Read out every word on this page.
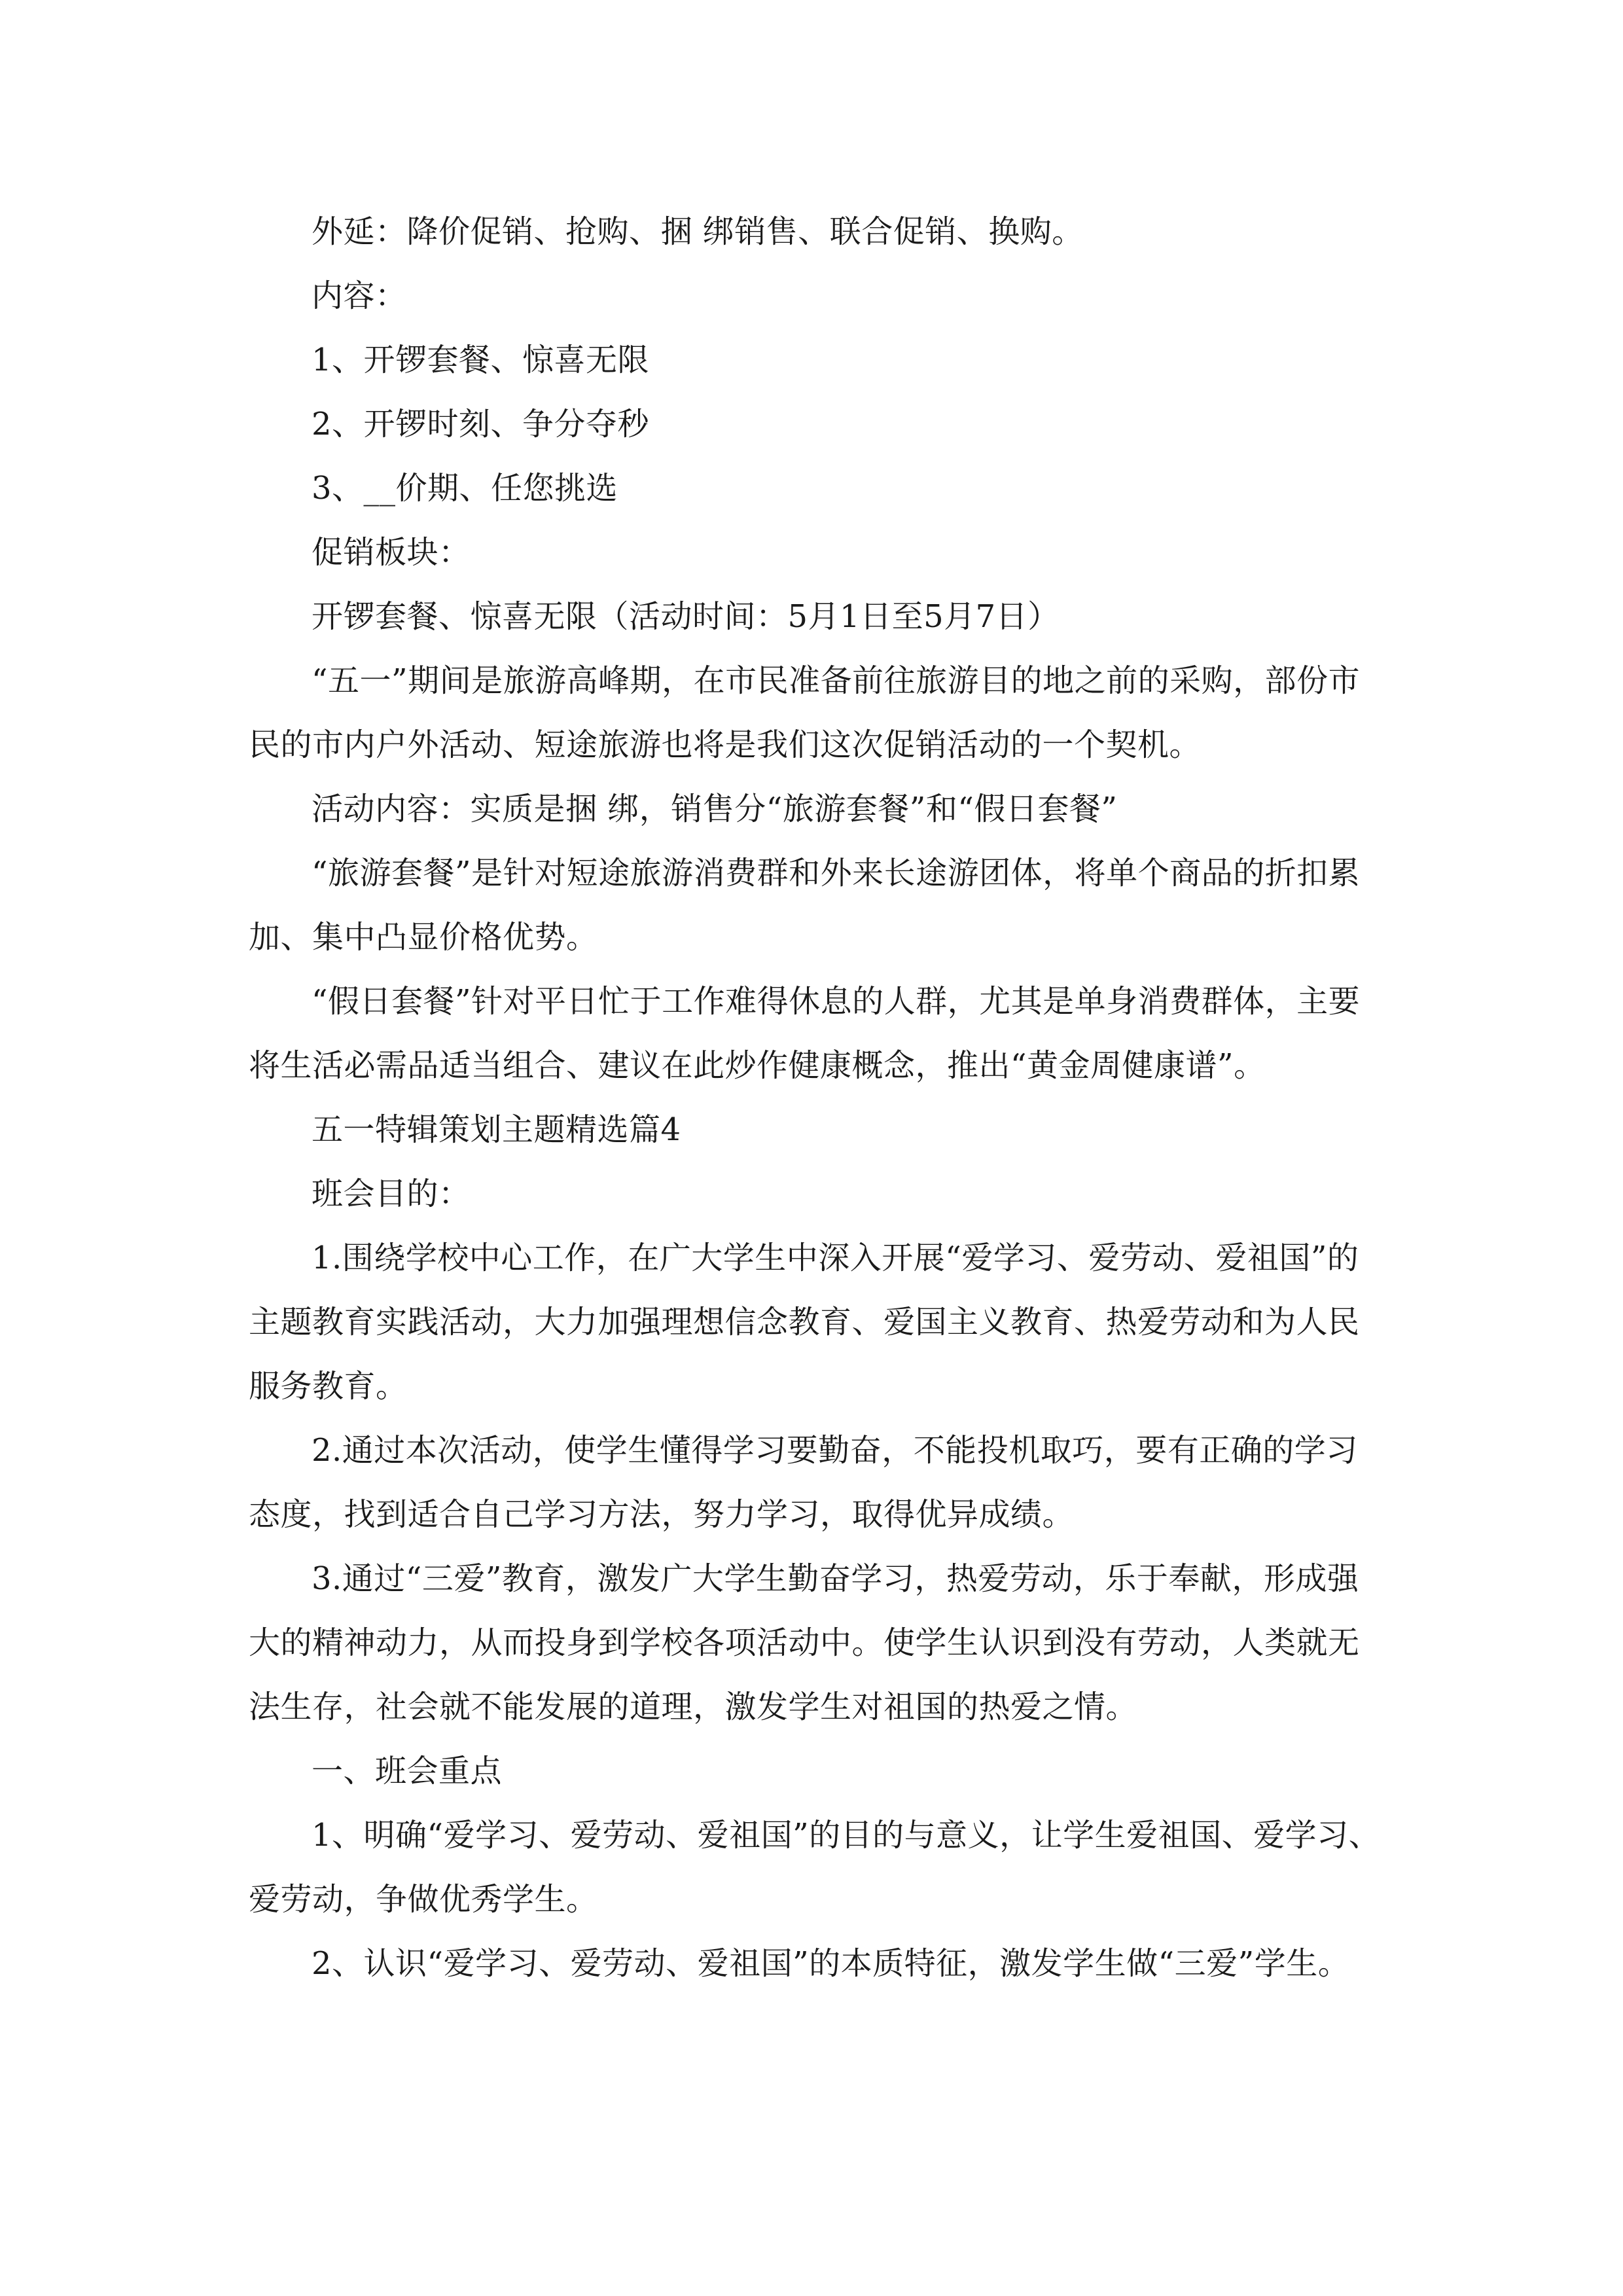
外延：降价促销、抢购、捆 绑销售、联合促销、换购。

内容：

1、开锣套餐、惊喜无限

2、开锣时刻、争分夺秒

3、__价期、任您挑选

促销板块：

开锣套餐、惊喜无限（活动时间：5月1日至5月7日）

“五一”期间是旅游高峰期，在市民准备前往旅游目的地之前的采购，部份市民的市内户外活动、短途旅游也将是我们这次促销活动的一个契机。

活动内容：实质是捆 绑，销售分“旅游套餐”和“假日套餐”

“旅游套餐”是针对短途旅游消费群和外来长途游团体，将单个商品的折扣累加、集中凸显价格优势。

“假日套餐”针对平日忙于工作难得休息的人群，尤其是单身消费群体，主要将生活必需品适当组合、建议在此炒作健康概念，推出“黄金周健康谱”。

五一特辑策划主题精选篇4

班会目的：

1.围绕学校中心工作，在广大学生中深入开展“爱学习、爱劳动、爱祖国”的主题教育实践活动，大力加强理想信念教育、爱国主义教育、热爱劳动和为人民服务教育。

2.通过本次活动，使学生懂得学习要勤奋，不能投机取巧，要有正确的学习态度，找到适合自己学习方法，努力学习，取得优异成绩。

3.通过“三爱”教育，激发广大学生勤奋学习，热爱劳动，乐于奉献，形成强大的精神动力，从而投身到学校各项活动中。使学生认识到没有劳动，人类就无法生存，社会就不能发展的道理，激发学生对祖国的热爱之情。

一、班会重点

1、明确“爱学习、爱劳动、爱祖国”的目的与意义，让学生爱祖国、爱学习、爱劳动，争做优秀学生。

2、认识“爱学习、爱劳动、爱祖国”的本质特征，激发学生做“三爱”学生。
